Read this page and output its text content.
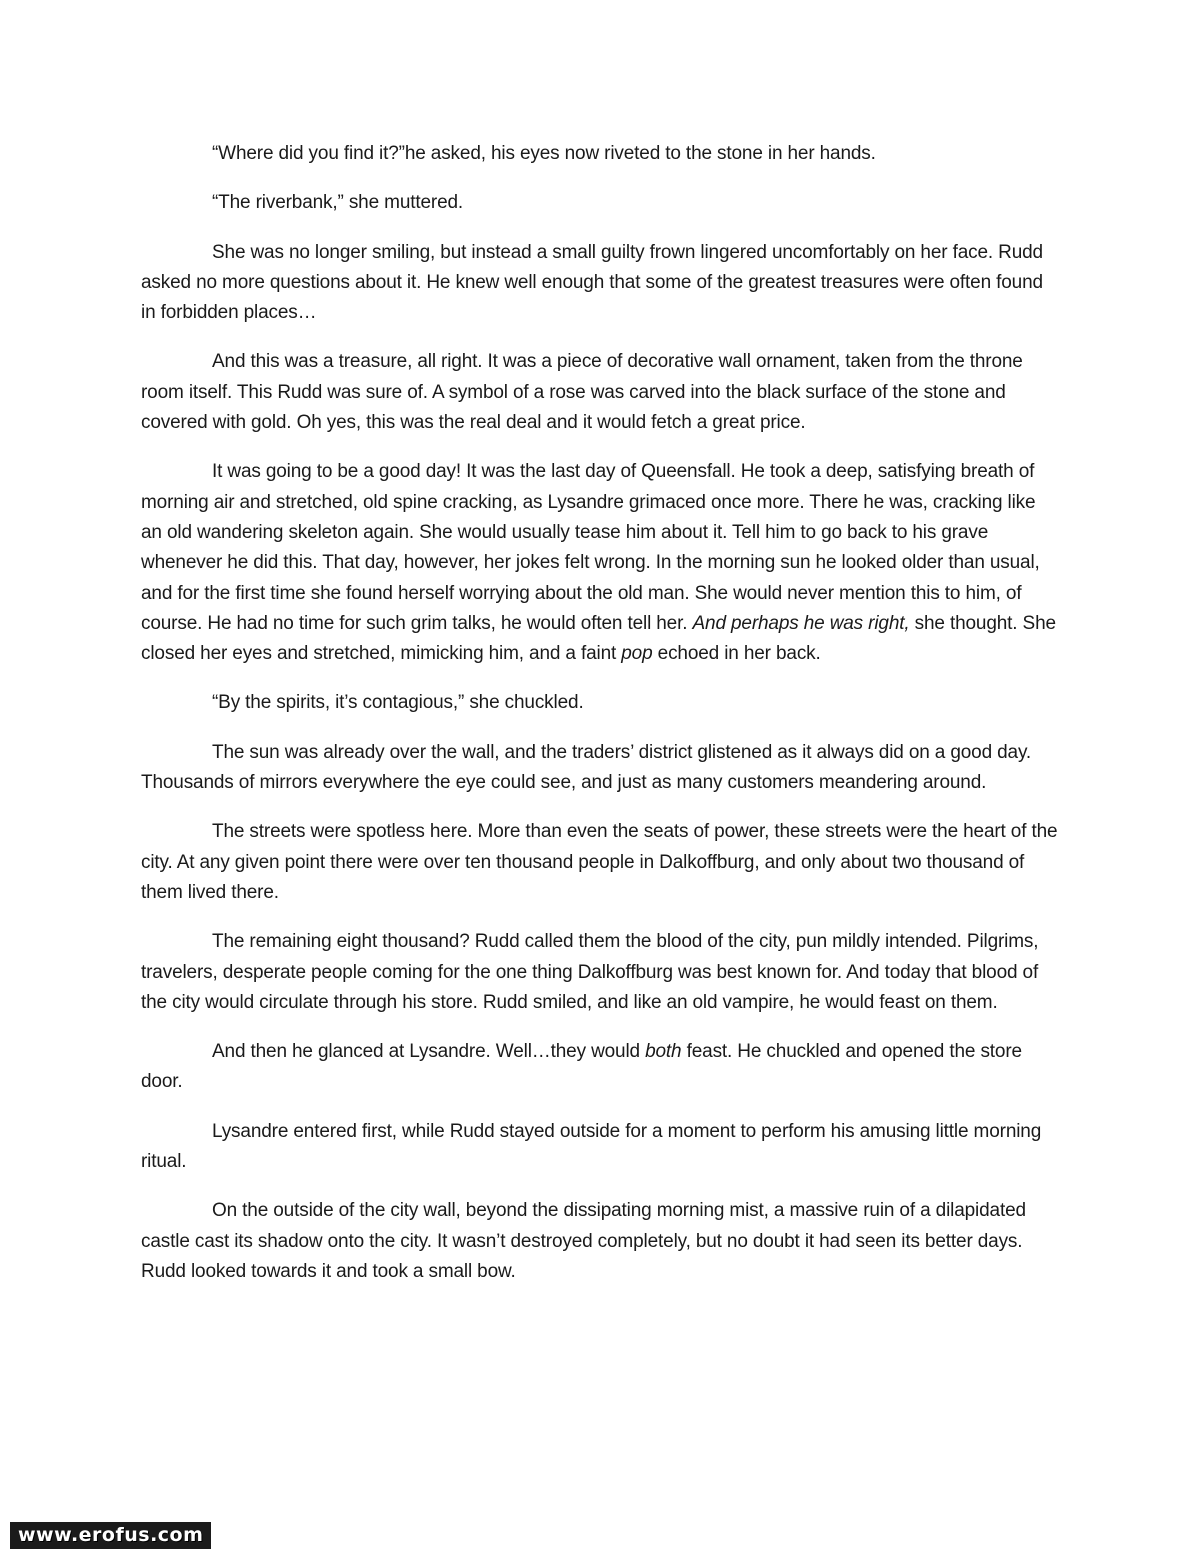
“Where did you find it?”he asked, his eyes now riveted to the stone in her hands.

“The riverbank,” she muttered.

She was no longer smiling, but instead a small guilty frown lingered uncomfortably on her face. Rudd asked no more questions about it. He knew well enough that some of the greatest treasures were often found in forbidden places…

And this was a treasure, all right. It was a piece of decorative wall ornament, taken from the throne room itself. This Rudd was sure of. A symbol of a rose was carved into the black surface of the stone and covered with gold. Oh yes, this was the real deal and it would fetch a great price.

It was going to be a good day! It was the last day of Queensfall. He took a deep, satisfying breath of morning air and stretched, old spine cracking, as Lysandre grimaced once more. There he was, cracking like an old wandering skeleton again. She would usually tease him about it. Tell him to go back to his grave whenever he did this. That day, however, her jokes felt wrong. In the morning sun he looked older than usual, and for the first time she found herself worrying about the old man. She would never mention this to him, of course. He had no time for such grim talks, he would often tell her. And perhaps he was right, she thought. She closed her eyes and stretched, mimicking him, and a faint pop echoed in her back.

“By the spirits, it’s contagious,” she chuckled.

The sun was already over the wall, and the traders’ district glistened as it always did on a good day. Thousands of mirrors everywhere the eye could see, and just as many customers meandering around.

The streets were spotless here. More than even the seats of power, these streets were the heart of the city. At any given point there were over ten thousand people in Dalkoffburg, and only about two thousand of them lived there.

The remaining eight thousand? Rudd called them the blood of the city, pun mildly intended. Pilgrims, travelers, desperate people coming for the one thing Dalkoffburg was best known for. And today that blood of the city would circulate through his store. Rudd smiled, and like an old vampire, he would feast on them.

And then he glanced at Lysandre. Well…they would both feast. He chuckled and opened the store door.

Lysandre entered first, while Rudd stayed outside for a moment to perform his amusing little morning ritual.

On the outside of the city wall, beyond the dissipating morning mist, a massive ruin of a dilapidated castle cast its shadow onto the city. It wasn’t destroyed completely, but no doubt it had seen its better days. Rudd looked towards it and took a small bow.

www.erofus.com
